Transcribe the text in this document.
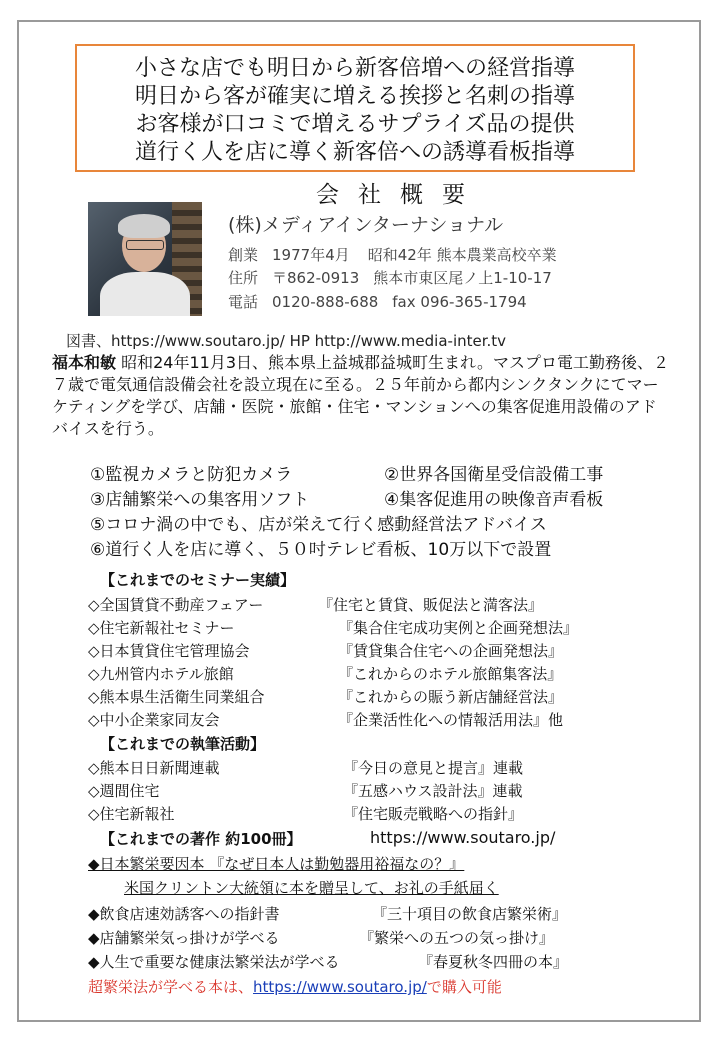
小さな店でも明日から新客倍増への経営指導
明日から客が確実に増える挨拶と名刺の指導
お客様が口コミで増えるサプライズ品の提供
道行く人を店に導く新客倍への誘導看板指導
会社概要
(株)メディアインターナショナル
創業 1977年4月 昭和42年 熊本農業高校卒業
住所 〒862-0913 熊本市東区尾ノ上1-10-17
電話 0120-888-688 fax 096-365-1794
図書、https://www.soutaro.jp/ HP http://www.media-inter.tv
福本和敏 昭和24年11月3日、熊本県上益城郡益城町生まれ。マスプロ電工勤務後、２７歳で電気通信設備会社を設立現在に至る。２５年前から都内シンクタンクにてマーケティングを学び、店舗・医院・旅館・住宅・マンションへの集客促進用設備のアドバイスを行う。
①監視カメラと防犯カメラ	②世界各国衛星受信設備工事
③店舗繁栄への集客用ソフト	④集客促進用の映像音声看板
⑤コロナ渦の中でも、店が栄えて行く感動経営法アドバイス
⑥道行く人を店に導く、５０吋テレビ看板、10万以下で設置
【これまでのセミナー実績】
◇全国賃貸不動産フェアー	『住宅と賃貸、販促法と満客法』
◇住宅新報社セミナー	『集合住宅成功実例と企画発想法』
◇日本賃貸住宅管理協会	『賃貸集合住宅への企画発想法』
◇九州管内ホテル旅館	『これからのホテル旅館集客法』
◇熊本県生活衛生同業組合	『これからの賑う新店舗経営法』
◇中小企業家同友会	『企業活性化への情報活用法』他
【これまでの執筆活動】
◇熊本日日新聞連載	『今日の意見と提言』連載
◇週間住宅	『五感ハウス設計法』連載
◇住宅新報社	『住宅販売戦略への指針』
【これまでの著作 約100冊】	https://www.soutaro.jp/
◆日本繁栄要因本 『なぜ日本人は勤勉器用裕福なの？』
米国クリントン大統領に本を贈呈して、お礼の手紙届く
◆飲食店速効誘客への指針書	『三十項目の飲食店繁栄術』
◆店舗繁栄気っ掛けが学べる	『繁栄への五つの気っ掛け』
◆人生で重要な健康法繁栄法が学べる	『春夏秋冬四冊の本』
超繁栄法が学べる本は、https://www.soutaro.jp/で購入可能
